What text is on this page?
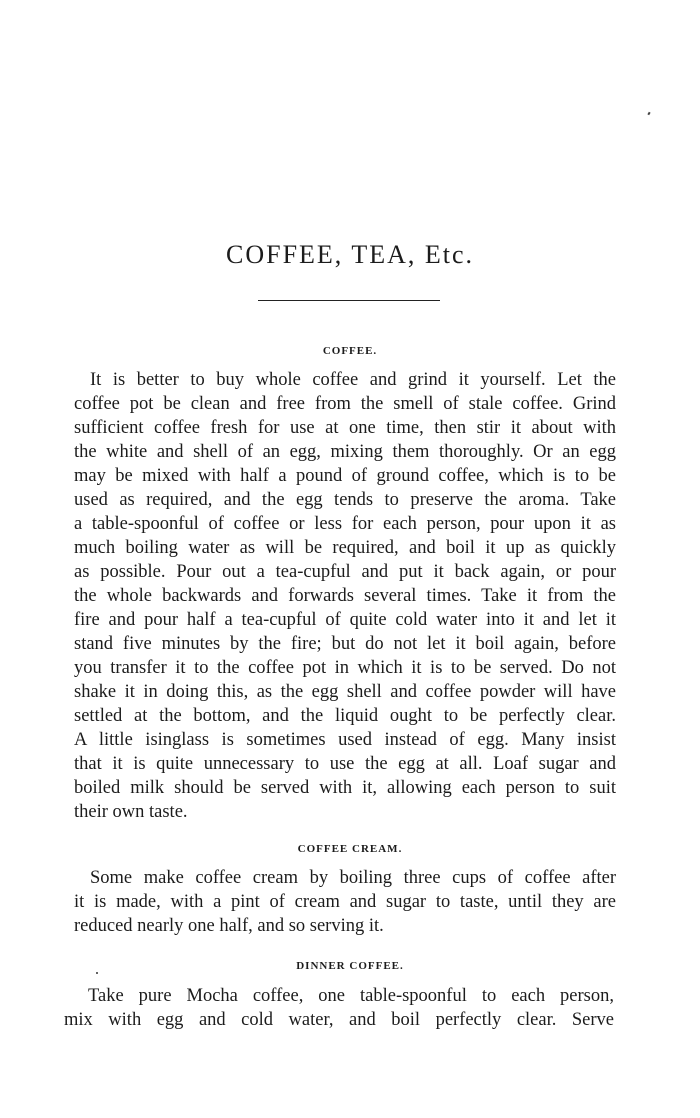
COFFEE, TEA, Etc.
COFFEE.
It is better to buy whole coffee and grind it yourself. Let the
coffee pot be clean and free from the smell of stale coffee. Grind
sufficient coffee fresh for use at one time, then stir it about with
the white and shell of an egg, mixing them thoroughly. Or an egg
may be mixed with half a pound of ground coffee, which is to be
used as required, and the egg tends to preserve the aroma. Take
a table-spoonful of coffee or less for each person, pour upon it as
much boiling water as will be required, and boil it up as quickly
as possible. Pour out a tea-cupful and put it back again, or pour
the whole backwards and forwards several times. Take it from the
fire and pour half a tea-cupful of quite cold water into it and let it
stand five minutes by the fire; but do not let it boil again, before
you transfer it to the coffee pot in which it is to be served. Do not
shake it in doing this, as the egg shell and coffee powder will have
settled at the bottom, and the liquid ought to be perfectly clear.
A little isinglass is sometimes used instead of egg. Many insist
that it is quite unnecessary to use the egg at all. Loaf sugar and
boiled milk should be served with it, allowing each person to suit
their own taste.
COFFEE CREAM.
Some make coffee cream by boiling three cups of coffee after
it is made, with a pint of cream and sugar to taste, until they are
reduced nearly one half, and so serving it.
DINNER COFFEE.
Take pure Mocha coffee, one table-spoonful to each person,
mix with egg and cold water, and boil perfectly clear. Serve
